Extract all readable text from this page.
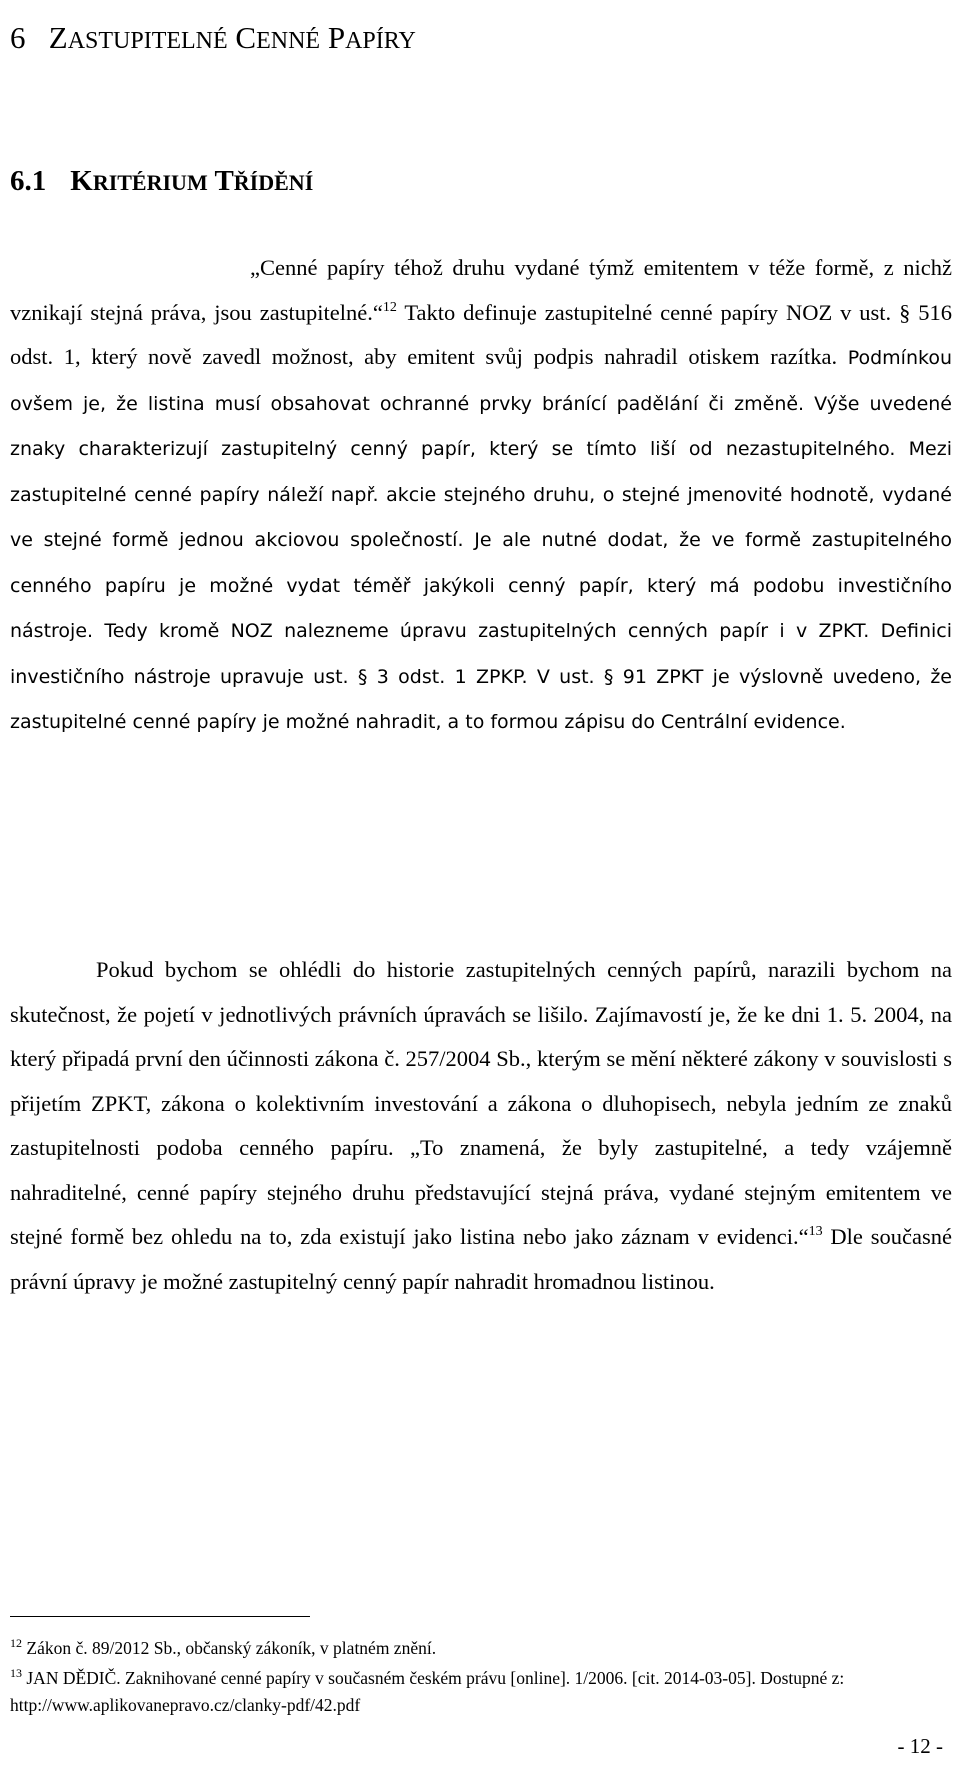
6 ZASTUPITELNÉ CENNÉ PAPÍRY
6.1 KRITÉRIUM TŘÍDĚNÍ

„Cenné papíry téhož druhu vydané týmž emitentem v téže formě, z nichž vznikají stejná práva, jsou zastupitelné.“$^{12}$ Takto definuje zastupitelné cenné papíry NOZ v ust. § 516 odst. 1, který nově zavedl možnost, aby emitent svůj podpis nahradil otiskem razítka. Podmínkou ovšem je, že listina musí obsahovat ochranné prvky bránící padělání či změně. Výše uvedené znaky charakterizují zastupitelný cenný papír, který se tímto liší od nezastupitelného. Mezi zastupitelné cenné papíry náleží např. akcie stejného druhu, o stejné jmenovité hodnotě, vydané ve stejné formě jednou akciovou společností. Je ale nutné dodat, že ve formě zastupitelného cenného papíru je možné vydat téměř jakýkoli cenný papír, který má podobu investičního nástroje. Tedy kromě NOZ nalezneme úpravu zastupitelných cenných papír i v ZPKT. Definici investičního nástroje upravuje ust. § 3 odst. 1 ZPKP. V ust. § 91 ZPKT je výslovně uvedeno, že zastupitelné cenné papíry je možné nahradit, a to formou zápisu do Centrální evidence.

Pokud bychom se ohlédli do historie zastupitelných cenných papírů, narazili bychom na skutečnost, že pojetí v jednotlivých právních úpravách se lišilo. Zajímavostí je, že ke dni 1. 5. 2004, na který připadá první den účinnosti zákona č. 257/2004 Sb., kterým se mění některé zákony v souvislosti s přijetím ZPKT, zákona o kolektivním investování a zákona o dluhopisech, nebyla jedním ze znaků zastupitelnosti podoba cenného papíru. „To znamená, že byly zastupitelné, a tedy vzájemně nahraditelné, cenné papíry stejného druhu představující stejná práva, vydané stejným emitentem ve stejné formě bez ohledu na to, zda existují jako listina nebo jako záznam v evidenci.“$^{13}$ Dle současné právní úpravy je možné zastupitelný cenný papír nahradit hromadnou listinou.

$^{12}$ Zákon č. 89/2012 Sb., občanský zákoník, v platném znění.

$^{13}$ JAN DĚDIČ. Zaknihované cenné papíry v současném českém právu [online]. 1/2006. [cit. 2014-03-05]. Dostupné z: http://www.aplikovanepravo.cz/clanky-pdf/42.pdf

- 12 -
